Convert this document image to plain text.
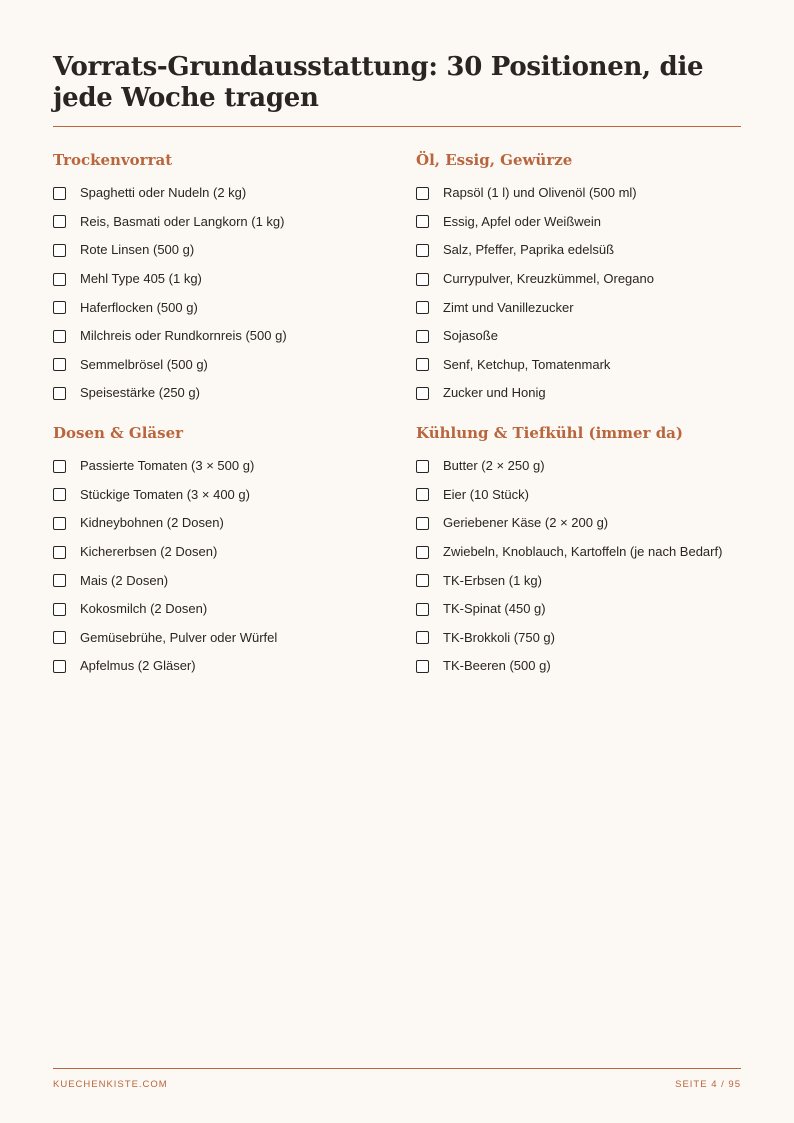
Vorrats-Grundausstattung: 30 Positionen, die jede Woche tragen
Trockenvorrat
Spaghetti oder Nudeln (2 kg)
Reis, Basmati oder Langkorn (1 kg)
Rote Linsen (500 g)
Mehl Type 405 (1 kg)
Haferflocken (500 g)
Milchreis oder Rundkornreis (500 g)
Semmelbrösel (500 g)
Speisestärke (250 g)
Öl, Essig, Gewürze
Rapsöl (1 l) und Olivenöl (500 ml)
Essig, Apfel oder Weißwein
Salz, Pfeffer, Paprika edelsüß
Currypulver, Kreuzkümmel, Oregano
Zimt und Vanillezucker
Sojasoße
Senf, Ketchup, Tomatenmark
Zucker und Honig
Dosen & Gläser
Passierte Tomaten (3 × 500 g)
Stückige Tomaten (3 × 400 g)
Kidneybohnen (2 Dosen)
Kichererbsen (2 Dosen)
Mais (2 Dosen)
Kokosmilch (2 Dosen)
Gemüsebrühe, Pulver oder Würfel
Apfelmus (2 Gläser)
Kühlung & Tiefkühl (immer da)
Butter (2 × 250 g)
Eier (10 Stück)
Geriebener Käse (2 × 200 g)
Zwiebeln, Knoblauch, Kartoffeln (je nach Bedarf)
TK-Erbsen (1 kg)
TK-Spinat (450 g)
TK-Brokkoli (750 g)
TK-Beeren (500 g)
KUECHENKISTE.COM	SEITE 4 / 95
